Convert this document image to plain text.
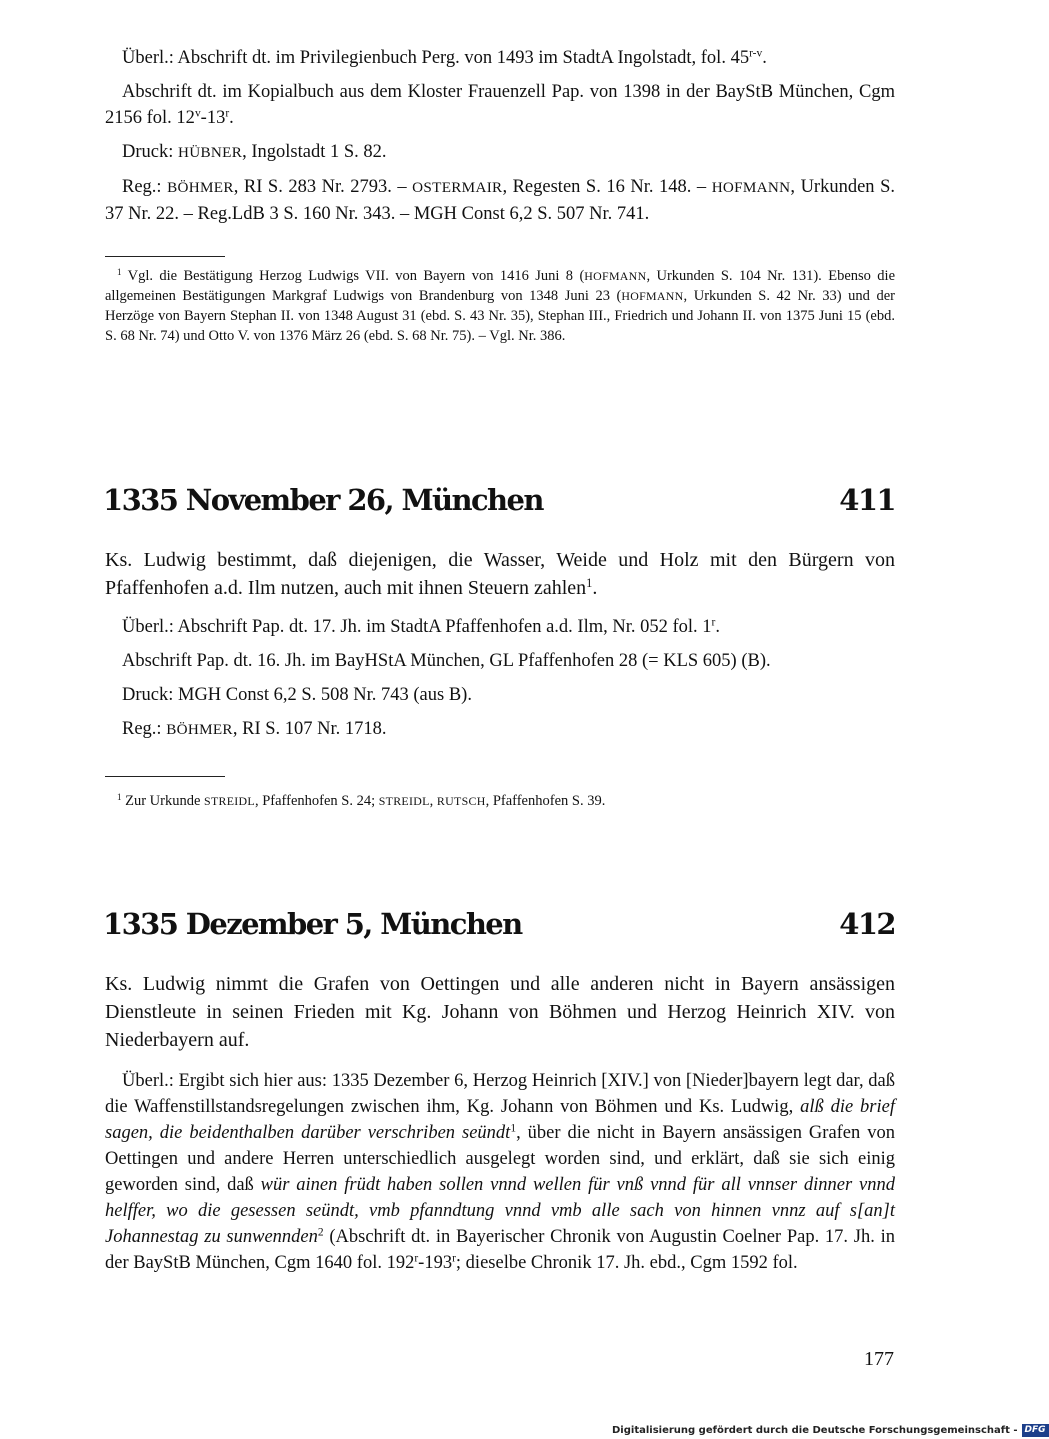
Überl.: Abschrift dt. im Privilegienbuch Perg. von 1493 im StadtA Ingolstadt, fol. 45$^{r-v}$.

Abschrift dt. im Kopialbuch aus dem Kloster Frauenzell Pap. von 1398 in der BayStB München, Cgm 2156 fol. 12$^v$-13$^r$.

Druck: HÜBNER, Ingolstadt 1 S. 82.

Reg.: BÖHMER, RI S. 283 Nr. 2793. – OSTERMAIR, Regesten S. 16 Nr. 148. – HOFMANN, Urkunden S. 37 Nr. 22. – Reg.LdB 3 S. 160 Nr. 343. – MGH Const 6,2 S. 507 Nr. 741.

$^1$ Vgl. die Bestätigung Herzog Ludwigs VII. von Bayern von 1416 Juni 8 (HOFMANN, Urkunden S. 104 Nr. 131). Ebenso die allgemeinen Bestätigungen Markgraf Ludwigs von Brandenburg von 1348 Juni 23 (HOFMANN, Urkunden S. 42 Nr. 33) und der Herzöge von Bayern Stephan II. von 1348 August 31 (ebd. S. 43 Nr. 35), Stephan III., Friedrich und Johann II. von 1375 Juni 15 (ebd. S. 68 Nr. 74) und Otto V. von 1376 März 26 (ebd. S. 68 Nr. 75). – Vgl. Nr. 386.

1335 November 26, München	411

Ks. Ludwig bestimmt, daß diejenigen, die Wasser, Weide und Holz mit den Bürgern von Pfaffenhofen a.d. Ilm nutzen, auch mit ihnen Steuern zahlen$^1$.

Überl.: Abschrift Pap. dt. 17. Jh. im StadtA Pfaffenhofen a.d. Ilm, Nr. 052 fol. 1$^r$.

Abschrift Pap. dt. 16. Jh. im BayHStA München, GL Pfaffenhofen 28 (= KLS 605) (B).

Druck: MGH Const 6,2 S. 508 Nr. 743 (aus B).

Reg.: BÖHMER, RI S. 107 Nr. 1718.

$^1$ Zur Urkunde STREIDL, Pfaffenhofen S. 24; STREIDL, RUTSCH, Pfaffenhofen S. 39.

1335 Dezember 5, München	412

Ks. Ludwig nimmt die Grafen von Oettingen und alle anderen nicht in Bayern ansässigen Dienstleute in seinen Frieden mit Kg. Johann von Böhmen und Herzog Heinrich XIV. von Niederbayern auf.

Überl.: Ergibt sich hier aus: 1335 Dezember 6, Herzog Heinrich [XIV.] von [Nieder]bayern legt dar, daß die Waffenstillstandsregelungen zwischen ihm, Kg. Johann von Böhmen und Ks. Ludwig, alß die brief sagen, die beidenthalben darüber verschriben seündt$^1$, über die nicht in Bayern ansässigen Grafen von Oettingen und andere Herren unterschiedlich ausgelegt worden sind, und erklärt, daß sie sich einig geworden sind, daß wür ainen früdt haben sollen vnnd wellen für vnß vnnd für all vnnser dinner vnnd helffer, wo die gesessen seündt, vmb pfanndtung vnnd vmb alle sach von hinnen vnnz auf s[an]t Johannestag zu sunwennden$^2$ (Abschrift dt. in Bayerischer Chronik von Augustin Coelner Pap. 17. Jh. in der BayStB München, Cgm 1640 fol. 192$^r$-193$^r$; dieselbe Chronik 17. Jh. ebd., Cgm 1592 fol.

177
Digitalisierung gefördert durch die Deutsche Forschungsgemeinschaft - DFG
